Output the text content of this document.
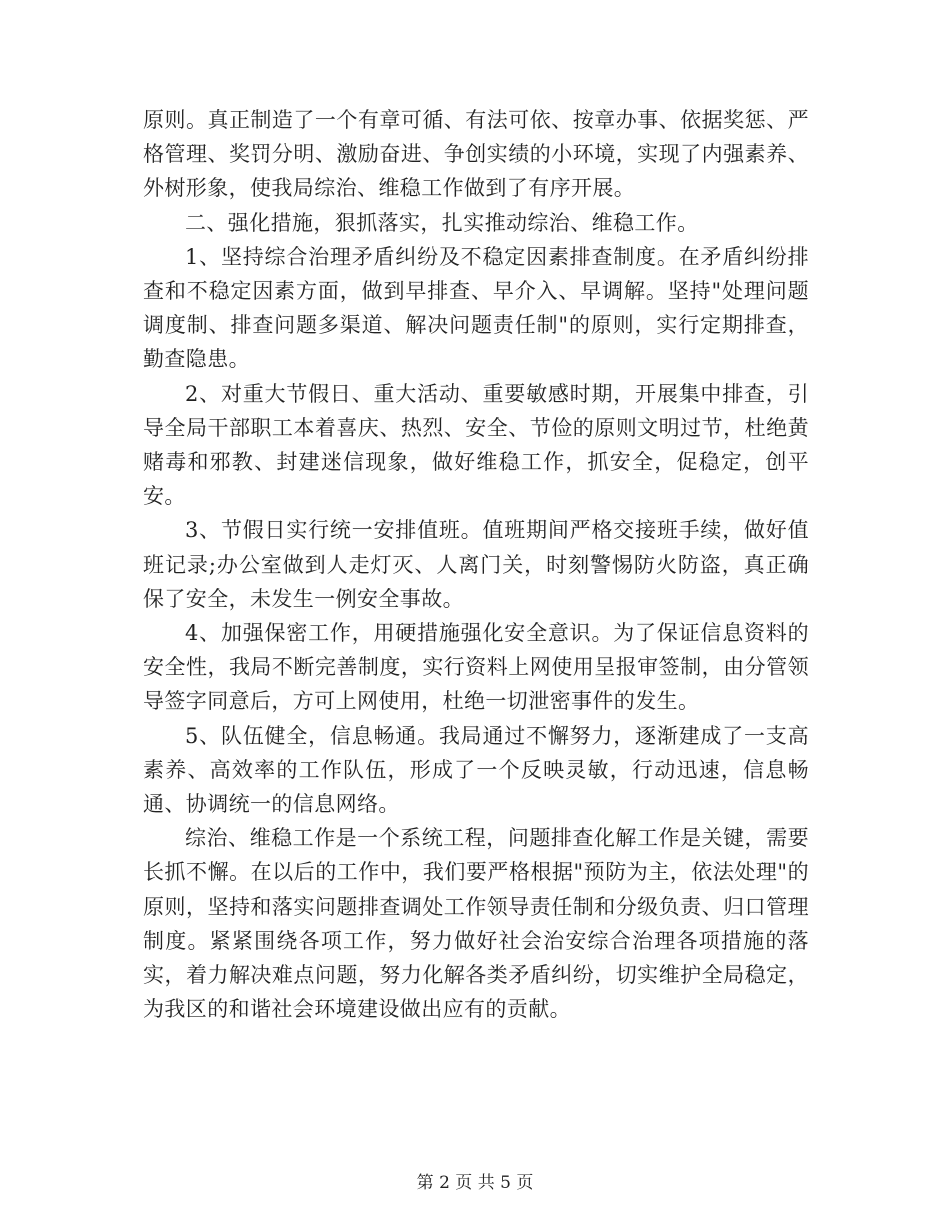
原则。真正制造了一个有章可循、有法可依、按章办事、依据奖惩、严格管理、奖罚分明、激励奋进、争创实绩的小环境，实现了内强素养、外树形象，使我局综治、维稳工作做到了有序开展。

二、强化措施，狠抓落实，扎实推动综治、维稳工作。

1、坚持综合治理矛盾纠纷及不稳定因素排查制度。在矛盾纠纷排查和不稳定因素方面，做到早排查、早介入、早调解。坚持"处理问题调度制、排查问题多渠道、解决问题责任制"的原则，实行定期排查，勤查隐患。

2、对重大节假日、重大活动、重要敏感时期，开展集中排查，引导全局干部职工本着喜庆、热烈、安全、节俭的原则文明过节，杜绝黄赌毒和邪教、封建迷信现象，做好维稳工作，抓安全，促稳定，创平安。

3、节假日实行统一安排值班。值班期间严格交接班手续，做好值班记录;办公室做到人走灯灭、人离门关，时刻警惕防火防盗，真正确保了安全，未发生一例安全事故。

4、加强保密工作，用硬措施强化安全意识。为了保证信息资料的安全性，我局不断完善制度，实行资料上网使用呈报审签制，由分管领导签字同意后，方可上网使用，杜绝一切泄密事件的发生。

5、队伍健全，信息畅通。我局通过不懈努力，逐渐建成了一支高素养、高效率的工作队伍，形成了一个反映灵敏，行动迅速，信息畅通、协调统一的信息网络。

综治、维稳工作是一个系统工程，问题排查化解工作是关键，需要长抓不懈。在以后的工作中，我们要严格根据"预防为主，依法处理"的原则，坚持和落实问题排查调处工作领导责任制和分级负责、归口管理制度。紧紧围绕各项工作，努力做好社会治安综合治理各项措施的落实，着力解决难点问题，努力化解各类矛盾纠纷，切实维护全局稳定，为我区的和谐社会环境建设做出应有的贡献。

第 2 页 共 5 页
